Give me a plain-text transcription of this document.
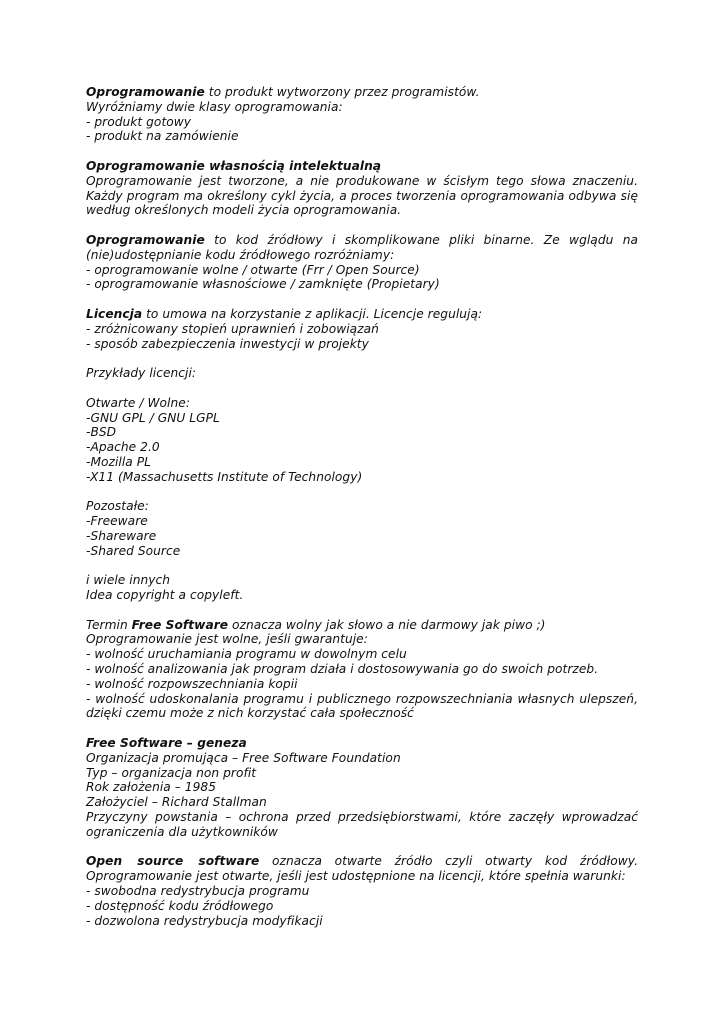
Oprogramowanie to produkt wytworzony przez programistów.

Wyróżniamy dwie klasy oprogramowania:

- produkt gotowy

- produkt na zamówienie

Oprogramowanie własnością intelektualną

Oprogramowanie jest tworzone, a nie produkowane w ścisłym tego słowa znaczeniu. Każdy program ma określony cykl życia, a proces tworzenia oprogramowania odbywa się według określonych modeli życia oprogramowania.

Oprogramowanie to kod źródłowy i skomplikowane pliki binarne. Ze wglądu na (nie)udostępnianie kodu źródłowego rozróżniamy:

- oprogramowanie wolne / otwarte (Frr / Open Source)

- oprogramowanie własnościowe / zamknięte (Propietary)

Licencja to umowa na korzystanie z aplikacji. Licencje regulują:

- zróżnicowany stopień uprawnień i zobowiązań

- sposób zabezpieczenia inwestycji w projekty

Przykłady licencji:

Otwarte / Wolne:

-GNU GPL / GNU LGPL

-BSD

-Apache 2.0

-Mozilla PL

-X11 (Massachusetts Institute of Technology)

Pozostałe:

-Freeware

-Shareware

-Shared Source

i wiele innych

Idea copyright a copyleft.

Termin Free Software oznacza wolny jak słowo a nie darmowy jak piwo ;)

Oprogramowanie jest wolne, jeśli gwarantuje:

- wolność uruchamiania programu w dowolnym celu

- wolność analizowania jak program działa i dostosowywania go do swoich potrzeb.

- wolność rozpowszechniania kopii

- wolność udoskonalania programu i publicznego rozpowszechniania własnych ulepszeń, dzięki czemu może z nich korzystać cała społeczność

Free Software – geneza

Organizacja promująca – Free Software Foundation

Typ – organizacja non profit

Rok założenia – 1985

Założyciel – Richard Stallman

Przyczyny powstania – ochrona przed przedsiębiorstwami, które zaczęły wprowadzać ograniczenia dla użytkowników

Open source software oznacza otwarte źródło czyli otwarty kod źródłowy. Oprogramowanie jest otwarte, jeśli jest udostępnione na licencji, które spełnia warunki:

- swobodna redystrybucja programu

- dostępność kodu źródłowego

- dozwolona redystrybucja modyfikacji
